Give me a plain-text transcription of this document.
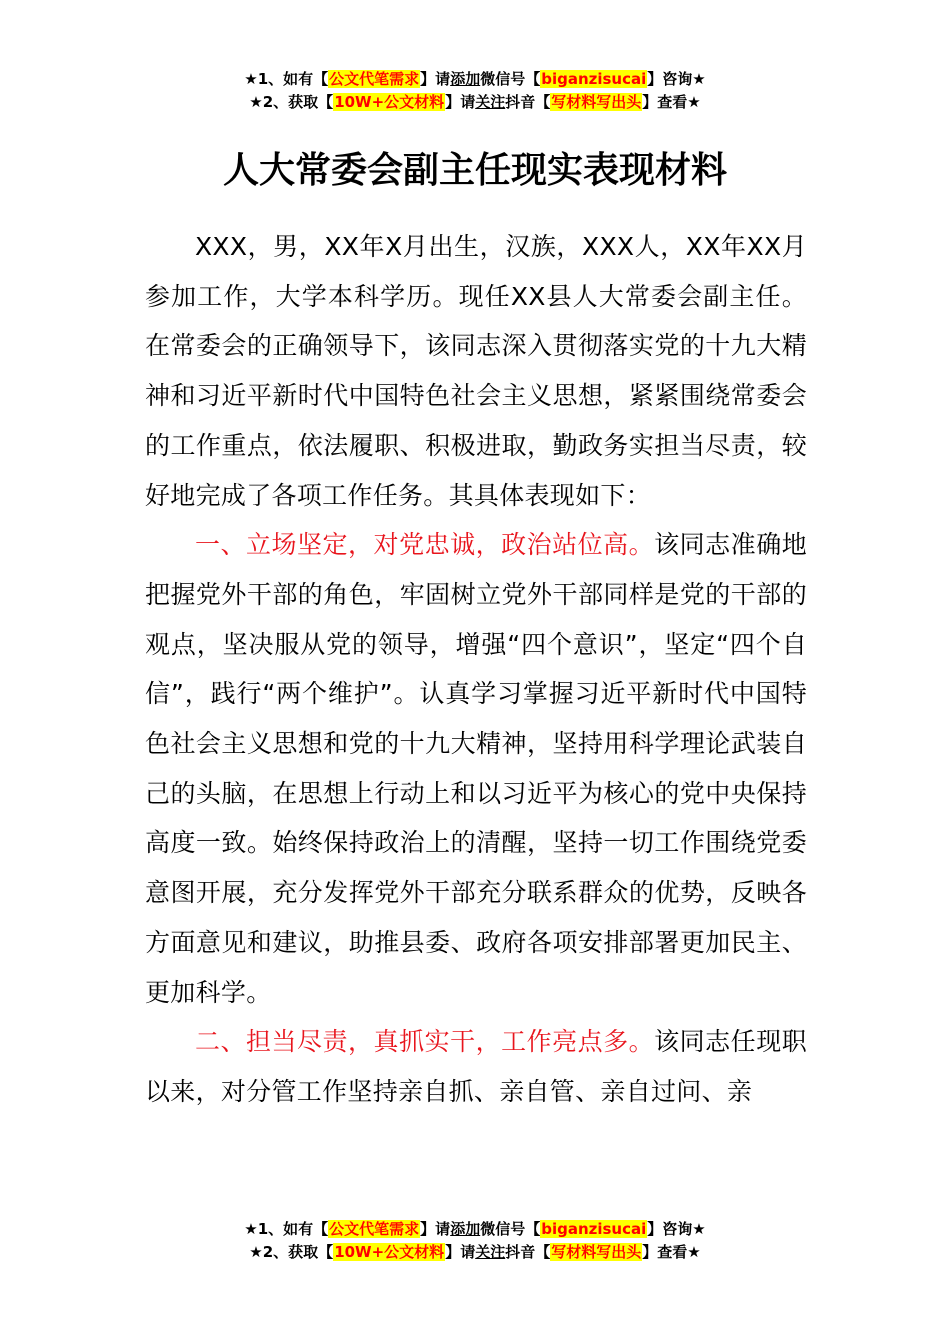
★1、如有【公文代笔需求】请添加微信号【biganzisucai】咨询★
★2、获取【10W+公文材料】请关注抖音【写材料写出头】查看★
人大常委会副主任现实表现材料

XXX，男，XX年X月出生，汉族，XXX人，XX年XX月参加工作，大学本科学历。现任XX县人大常委会副主任。在常委会的正确领导下，该同志深入贯彻落实党的十九大精神和习近平新时代中国特色社会主义思想，紧紧围绕常委会的工作重点，依法履职、积极进取，勤政务实担当尽责，较好地完成了各项工作任务。其具体表现如下：

一、立场坚定，对党忠诚，政治站位高。该同志准确地把握党外干部的角色，牢固树立党外干部同样是党的干部的观点，坚决服从党的领导，增强“四个意识”，坚定“四个自信”，践行“两个维护”。认真学习掌握习近平新时代中国特色社会主义思想和党的十九大精神，坚持用科学理论武装自己的头脑，在思想上行动上和以习近平为核心的党中央保持高度一致。始终保持政治上的清醒，坚持一切工作围绕党委意图开展，充分发挥党外干部充分联系群众的优势，反映各方面意见和建议，助推县委、政府各项安排部署更加民主、更加科学。

二、担当尽责，真抓实干，工作亮点多。该同志任现职以来，对分管工作坚持亲自抓、亲自管、亲自过问、亲

★1、如有【公文代笔需求】请添加微信号【biganzisucai】咨询★
★2、获取【10W+公文材料】请关注抖音【写材料写出头】查看★
